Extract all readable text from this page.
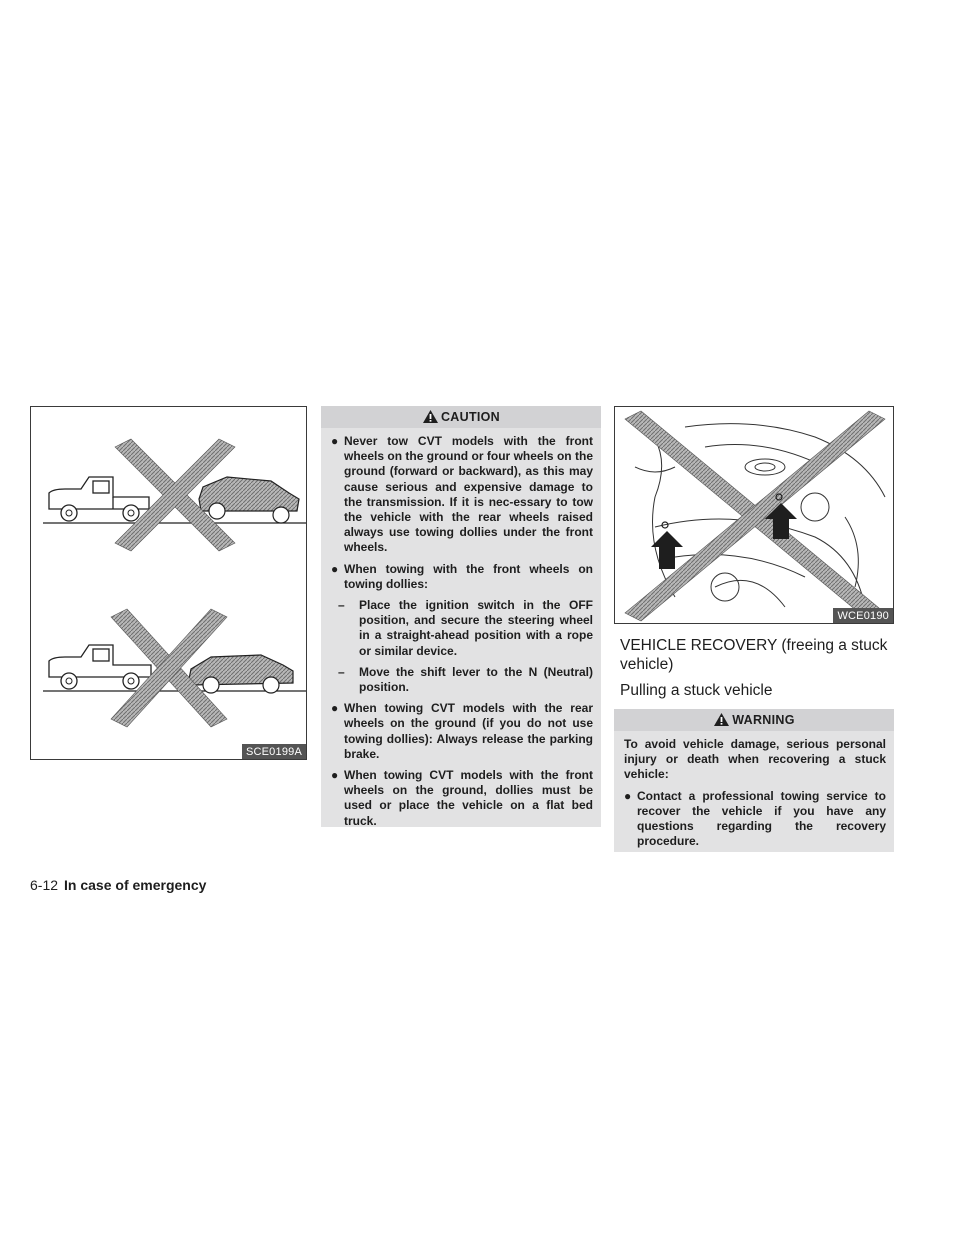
SCE0199A
CAUTION
● Never tow CVT models with the front wheels on the ground or four wheels on the ground (forward or backward), as this may cause serious and expensive damage to the transmission. If it is nec-essary to tow the vehicle with the rear wheels raised always use towing dollies under the front wheels.
● When towing with the front wheels on towing dollies:
– Place the ignition switch in the OFF position, and secure the steering wheel in a straight-ahead position with a rope or similar device.
– Move the shift lever to the N (Neutral) position.
● When towing CVT models with the rear wheels on the ground (if you do not use towing dollies): Always release the parking brake.
● When towing CVT models with the front wheels on the ground, dollies must be used or place the vehicle on a flat bed truck.
WCE0190
VEHICLE RECOVERY (freeing a stuck vehicle)
Pulling a stuck vehicle
WARNING
To avoid vehicle damage, serious personal injury or death when recovering a stuck vehicle:
● Contact a professional towing service to recover the vehicle if you have any questions regarding the recovery procedure.
6-12 In case of emergency
